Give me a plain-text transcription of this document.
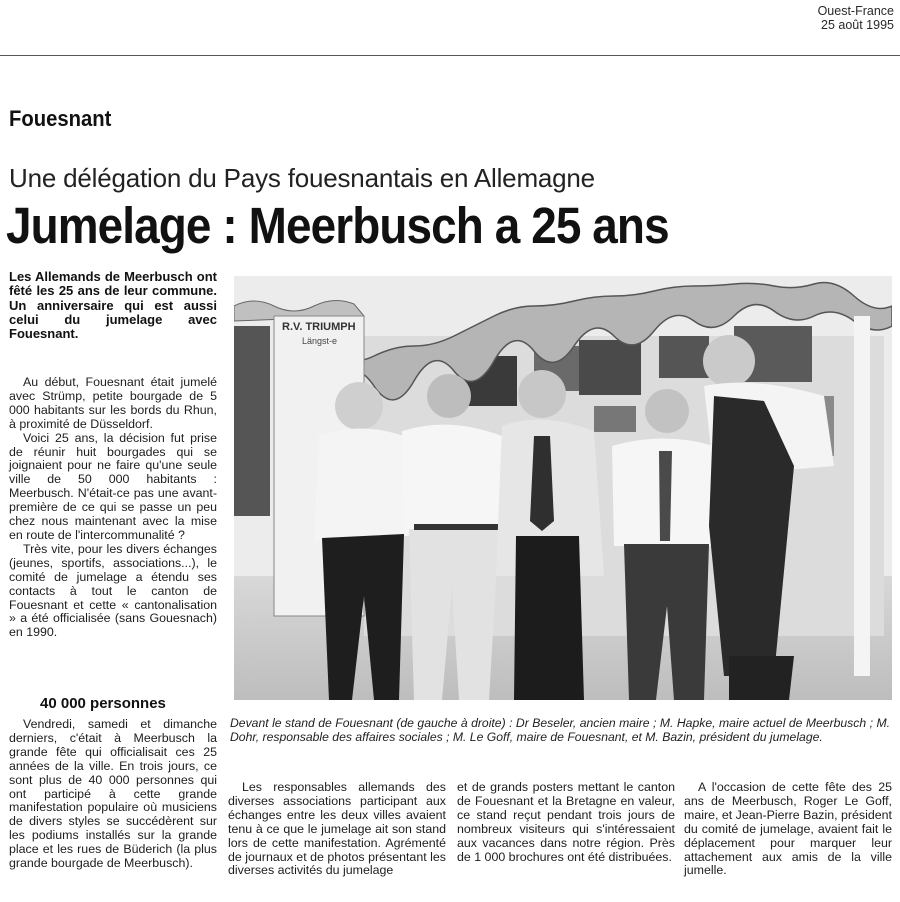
Ouest-France
25 août 1995
Fouesnant
Une délégation du Pays fouesnantais en Allemagne
Jumelage : Meerbusch a 25 ans
Les Allemands de Meerbusch ont fêté les 25 ans de leur commune. Un anniversaire qui est aussi celui du jumelage avec Fouesnant.

Au début, Fouesnant était jumelé avec Strümp, petite bourgade de 5 000 habitants sur les bords du Rhun, à proximité de Düsseldorf.

Voici 25 ans, la décision fut prise de réunir huit bourgades qui se joignaient pour ne faire qu'une seule ville de 50 000 habitants : Meerbusch. N'était-ce pas une avant-première de ce qui se passe un peu chez nous maintenant avec la mise en route de l'intercommunalité ?

Très vite, pour les divers échanges (jeunes, sportifs, associations...), le comité de jumelage a étendu ses contacts à tout le canton de Fouesnant et cette « cantonalisation » a été officialisée (sans Gouesnach) en 1990.

40 000 personnes

Vendredi, samedi et dimanche derniers, c'était à Meerbusch la grande fête qui officialisait ces 25 années de la ville. En trois jours, ce sont plus de 40 000 personnes qui ont participé à cette grande manifestation populaire où musiciens de divers styles se succédèrent sur les podiums installés sur la grande place et les rues de Büderich (la plus grande bourgade de Meerbusch).

R.V. TRIUMPH
Längst-e
Devant le stand de Fouesnant (de gauche à droite) : Dr Beseler, ancien maire ; M. Hapke, maire actuel de Meerbusch ; M. Dohr, responsable des affaires sociales ; M. Le Goff, maire de Fouesnant, et M. Bazin, président du jumelage.

Les responsables allemands des diverses associations participant aux échanges entre les deux villes avaient tenu à ce que le jumelage ait son stand lors de cette manifestation. Agrémenté de journaux et de photos présentant les diverses activités du jumelage

et de grands posters mettant le canton de Fouesnant et la Bretagne en valeur, ce stand reçut pendant trois jours de nombreux visiteurs qui s'intéressaient aux vacances dans notre région. Près de 1 000 brochures ont été distribuées.

A l'occasion de cette fête des 25 ans de Meerbusch, Roger Le Goff, maire, et Jean-Pierre Bazin, président du comité de jumelage, avaient fait le déplacement pour marquer leur attachement aux amis de la ville jumelle.
